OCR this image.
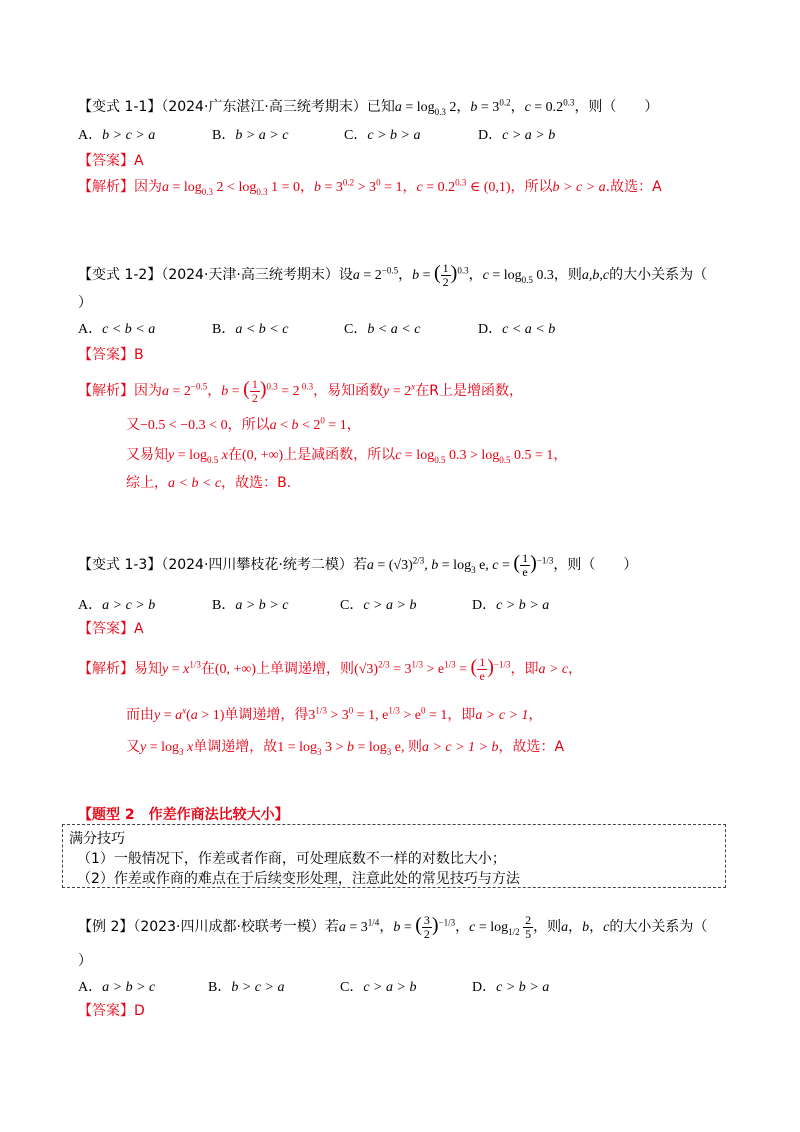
【变式 1-1】（2024·广东湛江·高三统考期末）已知$a = \log_{0.3} 2$，$b = 3^{0.2}$，$c = 0.2^{0.3}$，则（　　）
A．b > c > a	B．b > a > c	C．c > b > a	D．c > a > b
【答案】A
【解析】因为$a = \log_{0.3} 2 < \log_{0.3} 1 = 0$，$b = 3^{0.2} > 3^0 = 1$，$c = 0.2^{0.3}$ ∈ (0,1)，所以b > c > a.故选：A
【变式 1-2】（2024·天津·高三统考期末）设$a = 2^{-0.5}$，b = ( $\frac{1}{2} )^{0.3}$，$c = \log_{0.5} 0.3$，则a,b,c的大小关系为（
）
A．c < b < a	B．a < b < c	C．b < a < c	D．c < a < b
【答案】B
【解析】因为$a = 2^{-0.5}$，b = ( $\frac{1}{2} )^{0.3} = 2$ $^{0.3}$，易知函数$y = 2^x$在R上是增函数，
又−0.5 < −0.3 < 0，所以$a < b < 2^0 = 1$，
又易知$y = \log_{0.5} x$在(0, +∞)上是减函数，所以$c = \log_{0.5} 0.3 > \log_{0.5} 0.5 = 1$，
综上，a < b < c，故选：B.
【变式 1-3】（2024·四川攀枝花·统考二模）若$a = (√3)^{2/3}$, $b = \log_3 e$, c = ( $\frac{1}{e} )^{-1/3}$，则（　　）
A．a > c > b	B．a > b > c	C．c > a > b	D．c > b > a
【答案】A
【解析】易知$y = x^{1/3}$在(0, +∞)上单调递增，则$(√3)^{2/3} = 3^{1/3} > e^{1/3}$ = ( $\frac{1}{e} )^{-1/3}$，即a > c，
而由$y = a^x(a > 1)$单调递增，得$3^{1/3} > 3^0 = 1$, $e^{1/3} > e^0 = 1$，即a > c > 1，
又$y = \log_3 x$单调递增，故$1 = \log_3 3 > b = \log_3 e$, 则a > c > 1 > b，故选：A
【题型 2　作差作商法比较大小】
满分技巧
（1）一般情况下，作差或者作商，可处理底数不一样的对数比大小；
（2）作差或作商的难点在于后续变形处理，注意此处的常见技巧与方法
【例 2】（2023·四川成都·校联考一模）若$a = 3^{1/4}$，b = ( $\frac{3}{2} )^{-1/3}$，$c = \log_{1/2} \frac{2}{5}$ ，则a，b，c的大小关系为（
）
A．a > b > c	B．b > c > a	C．c > a > b	D．c > b > a
【答案】D
